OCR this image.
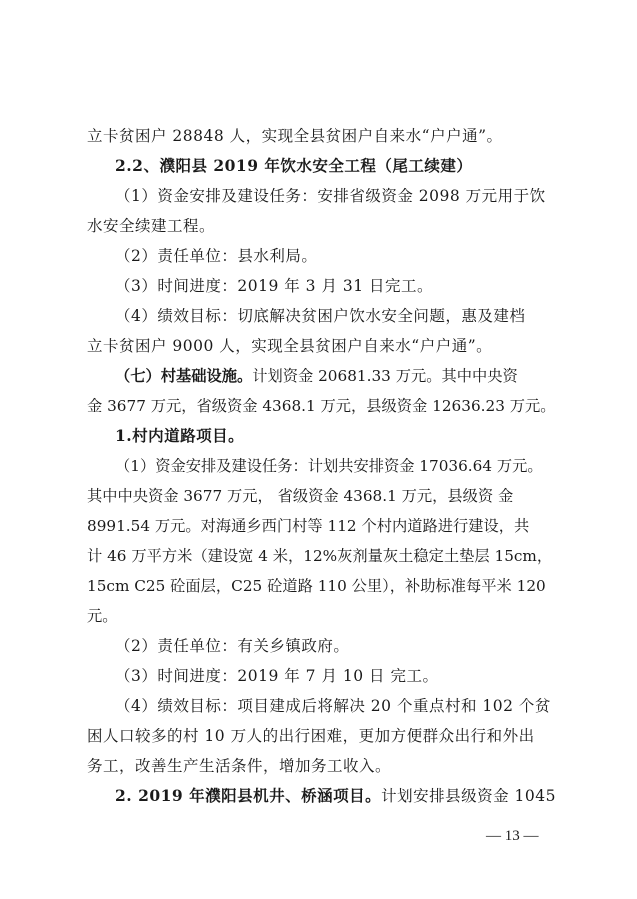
立卡贫困户 28848 人，实现全县贫困户自来水“户户通”。
2.2、濮阳县 2019 年饮水安全工程（尾工续建）
（1）资金安排及建设任务：安排省级资金 2098 万元用于饮
水安全续建工程。
（2）责任单位：县水利局。
（3）时间进度：2019 年 3 月 31 日完工。
（4）绩效目标：切底解决贫困户饮水安全问题，惠及建档
立卡贫困户 9000 人，实现全县贫困户自来水“户户通”。
（七）村基础设施。计划资金 20681.33 万元。其中中央资
金 3677 万元，省级资金 4368.1 万元，县级资金 12636.23 万元。
1.村内道路项目。
（1）资金安排及建设任务：计划共安排资金 17036.64 万元。
其中中央资金 3677 万元， 省级资金 4368.1 万元，县级资 金
8991.54 万元。对海通乡西门村等 112 个村内道路进行建设，共
计 46 万平方米（建设宽 4 米，12%灰剂量灰土稳定土垫层 15cm，
15cm C25 砼面层，C25 砼道路 110 公里），补助标准每平米 120
元。
（2）责任单位：有关乡镇政府。
（3）时间进度：2019 年 7 月 10 日 完工。
（4）绩效目标：项目建成后将解决 20 个重点村和 102 个贫
困人口较多的村 10 万人的出行困难，更加方便群众出行和外出
务工，改善生产生活条件，增加务工收入。
2. 2019 年濮阳县机井、桥涵项目。计划安排县级资金 1045
— 13 —
